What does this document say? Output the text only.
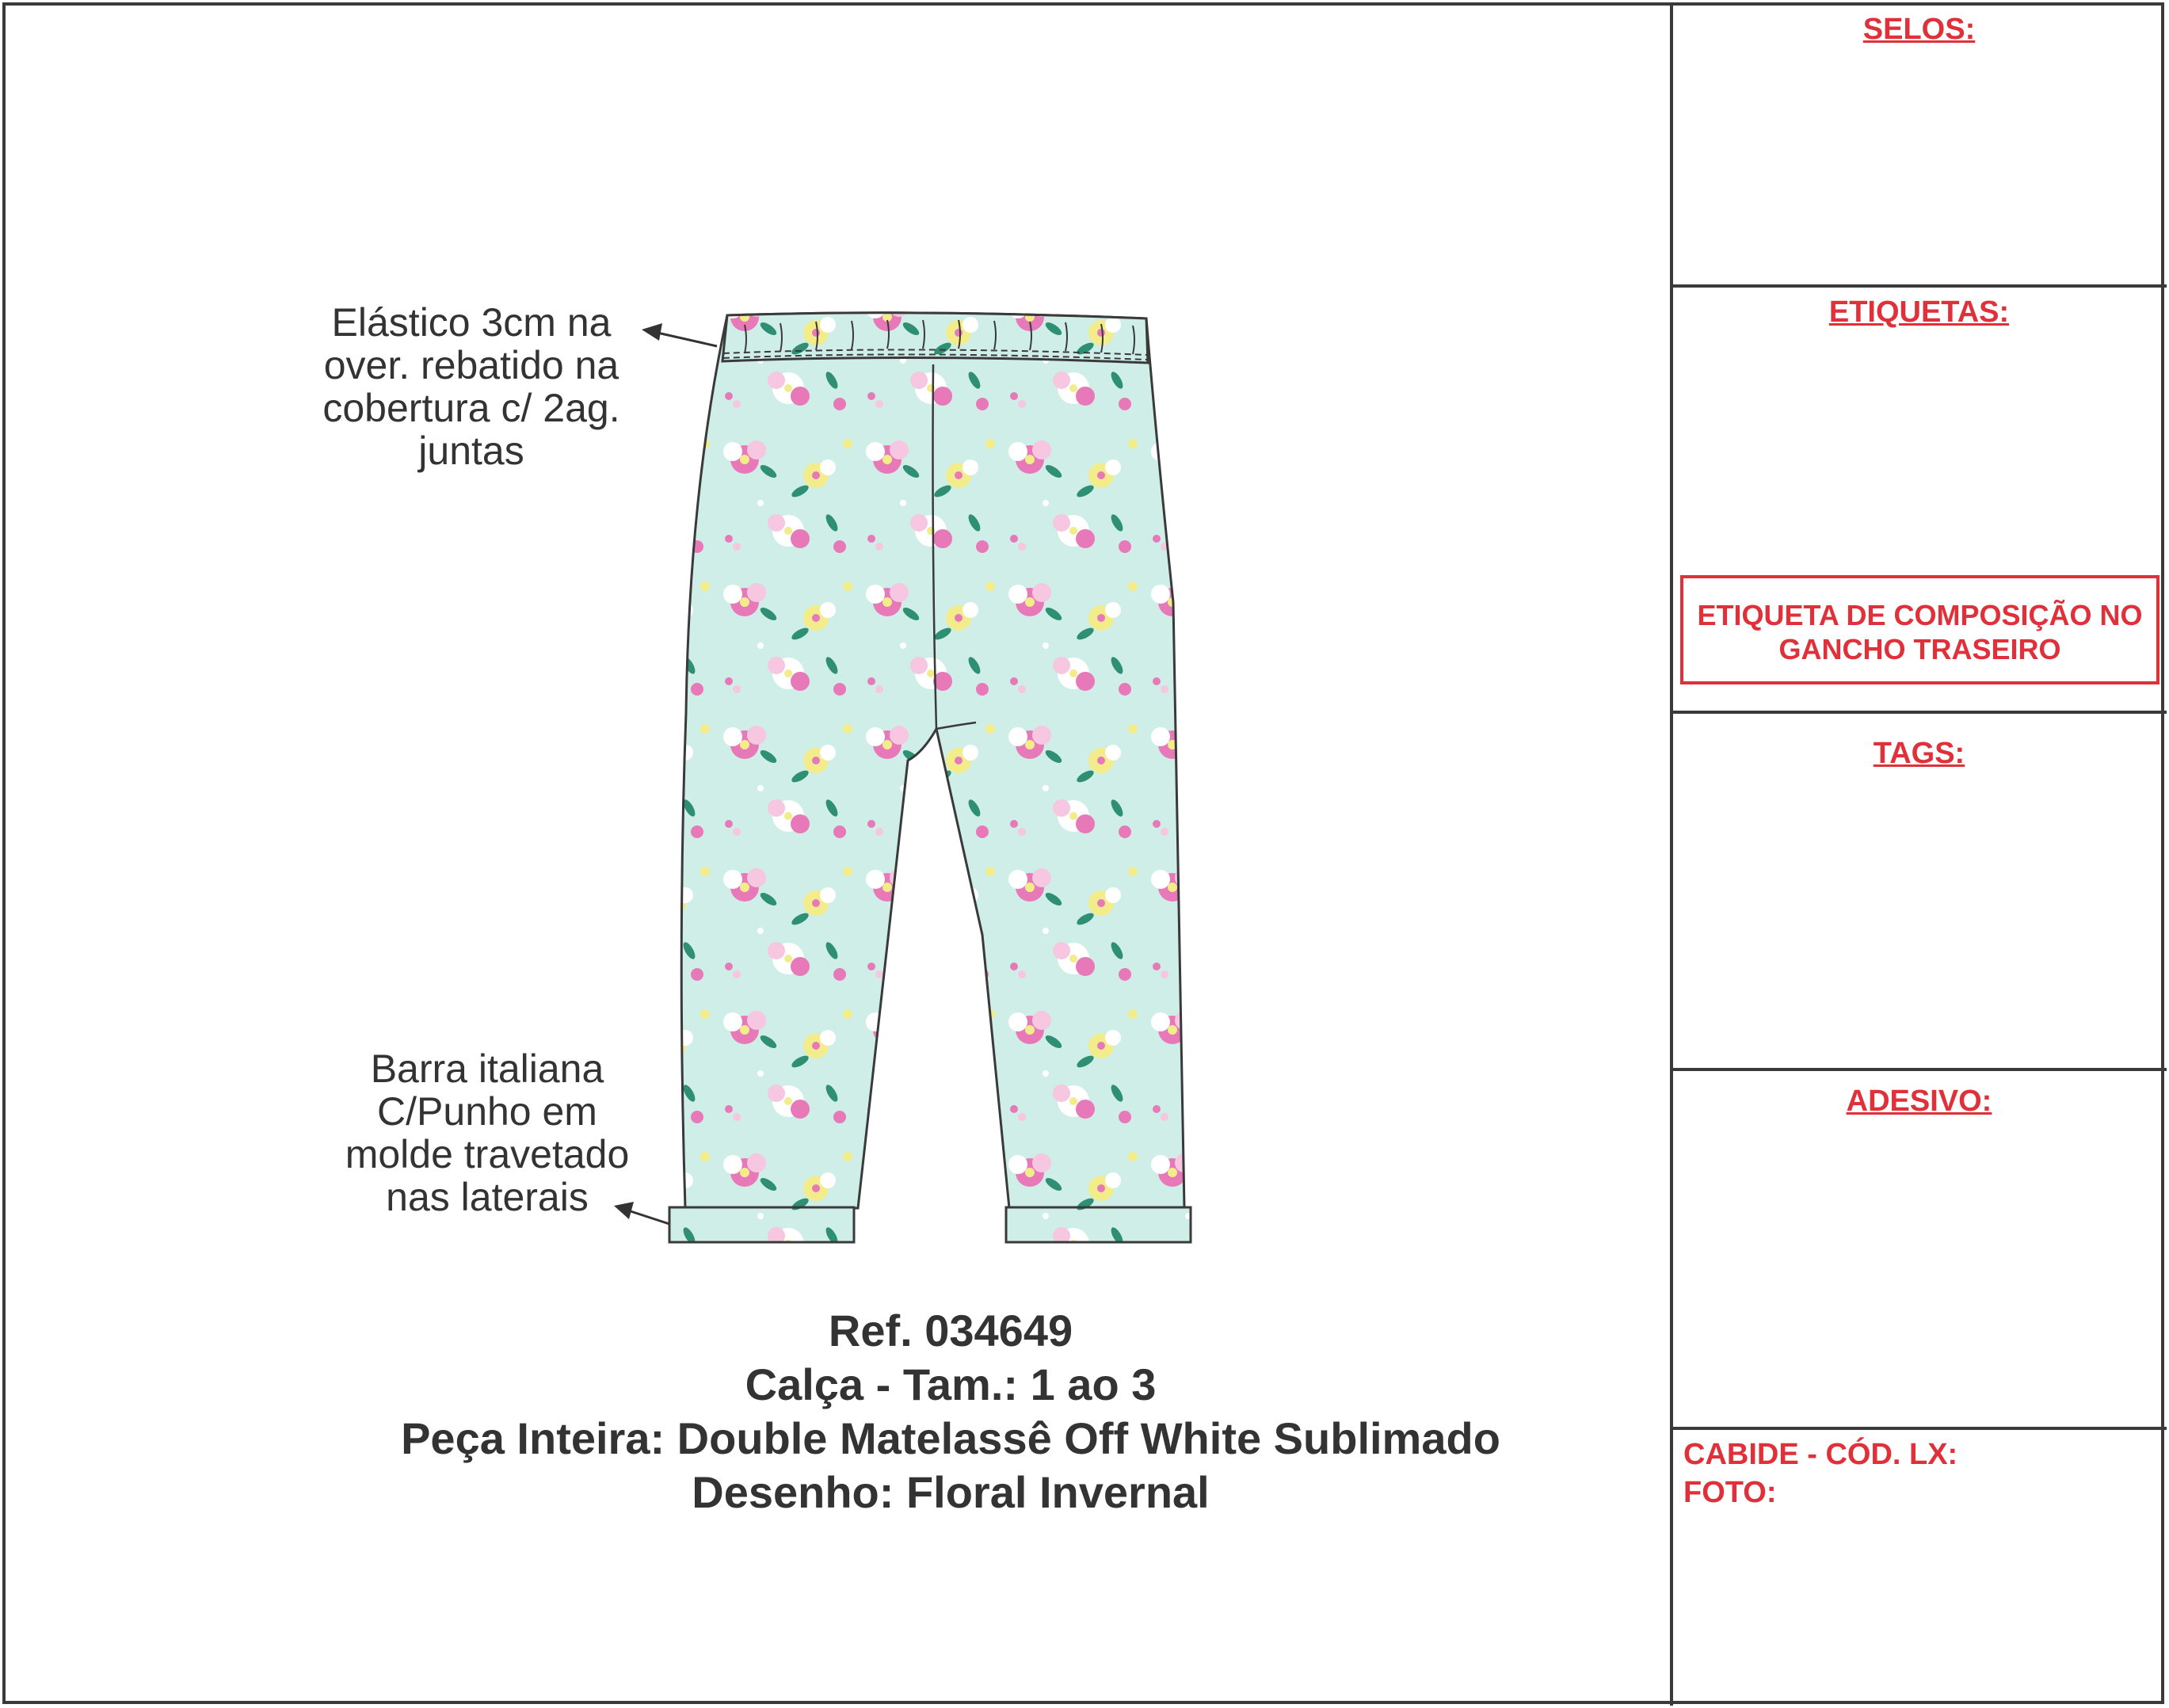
SELOS:
ETIQUETAS:
ETIQUETA DE COMPOSIÇÃO NO
GANCHO TRASEIRO
TAGS:
ADESIVO:
CABIDE - CÓD. LX:
FOTO:
Elástico 3cm na
over. rebatido na
cobertura c/ 2ag.
juntas
Barra italiana
C/Punho em
molde travetado
nas laterais
Ref. 034649
Calça - Tam.: 1 ao 3
Peça Inteira: Double Matelassê Off White Sublimado
Desenho: Floral Invernal
